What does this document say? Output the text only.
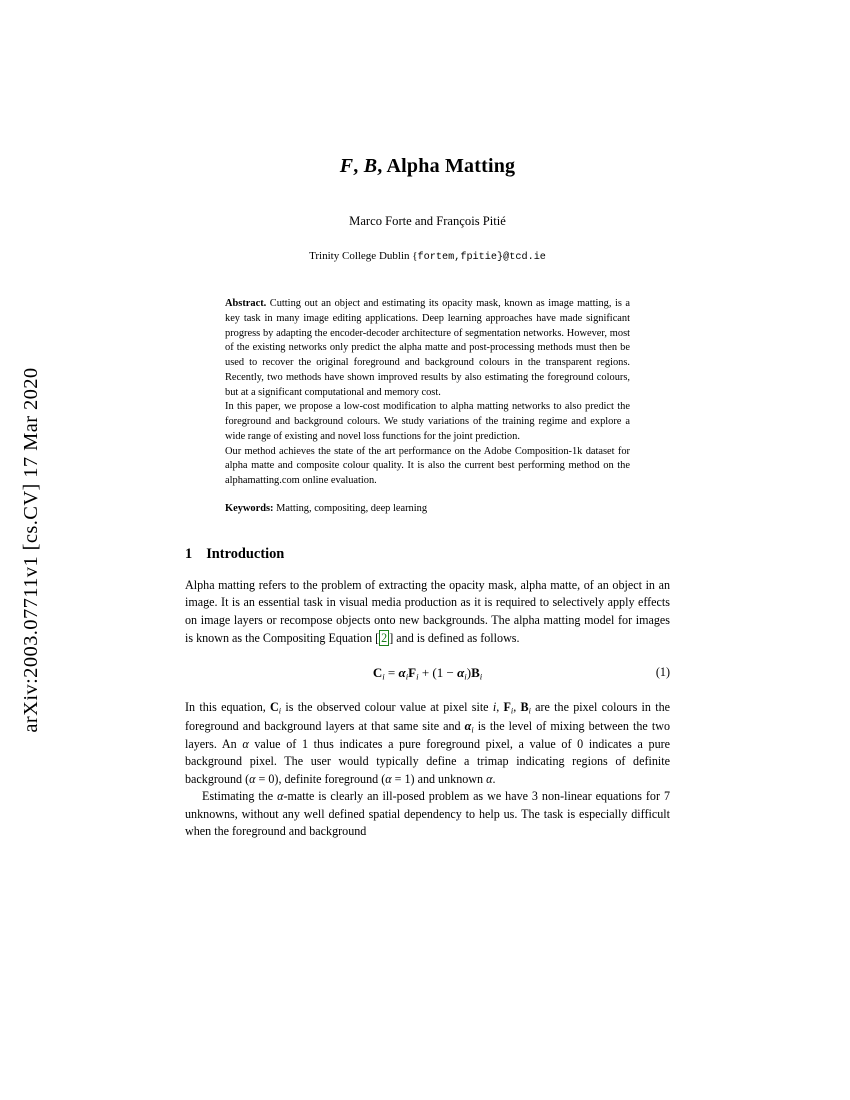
arXiv:2003.07711v1 [cs.CV] 17 Mar 2020
F, B, Alpha Matting
Marco Forte and François Pitié
Trinity College Dublin {fortem,fpitie}@tcd.ie

Abstract. Cutting out an object and estimating its opacity mask, known as image matting, is a key task in many image editing applications. Deep learning approaches have made significant progress by adapting the encoder-decoder architecture of segmentation networks. However, most of the existing networks only predict the alpha matte and post-processing methods must then be used to recover the original foreground and background colours in the transparent regions. Recently, two methods have shown improved results by also estimating the foreground colours, but at a significant computational and memory cost.

In this paper, we propose a low-cost modification to alpha matting networks to also predict the foreground and background colours. We study variations of the training regime and explore a wide range of existing and novel loss functions for the joint prediction.

Our method achieves the state of the art performance on the Adobe Composition-1k dataset for alpha matte and composite colour quality. It is also the current best performing method on the alphamatting.com online evaluation.

Keywords: Matting, compositing, deep learning
1 Introduction

Alpha matting refers to the problem of extracting the opacity mask, alpha matte, of an object in an image. It is an essential task in visual media production as it is required to selectively apply effects on image layers or recompose objects onto new backgrounds. The alpha matting model for images is known as the Compositing Equation [ 2 ] and is defined as follows.

$C_i = \alpha_iF_i + (1 - \alpha_i)B_i$	(1)

In this equation, $C_i$ is the observed colour value at pixel site i, $F_i$, $B_i$ are the pixel colours in the foreground and background layers at that same site and $\alpha_i$ is the level of mixing between the two layers. An α value of 1 thus indicates a pure foreground pixel, a value of 0 indicates a pure background pixel. The user would typically define a trimap indicating regions of definite background (α = 0), definite foreground (α = 1) and unknown α.

Estimating the α-matte is clearly an ill-posed problem as we have 3 non-linear equations for 7 unknowns, without any well defined spatial dependency to help us. The task is especially difficult when the foreground and background
